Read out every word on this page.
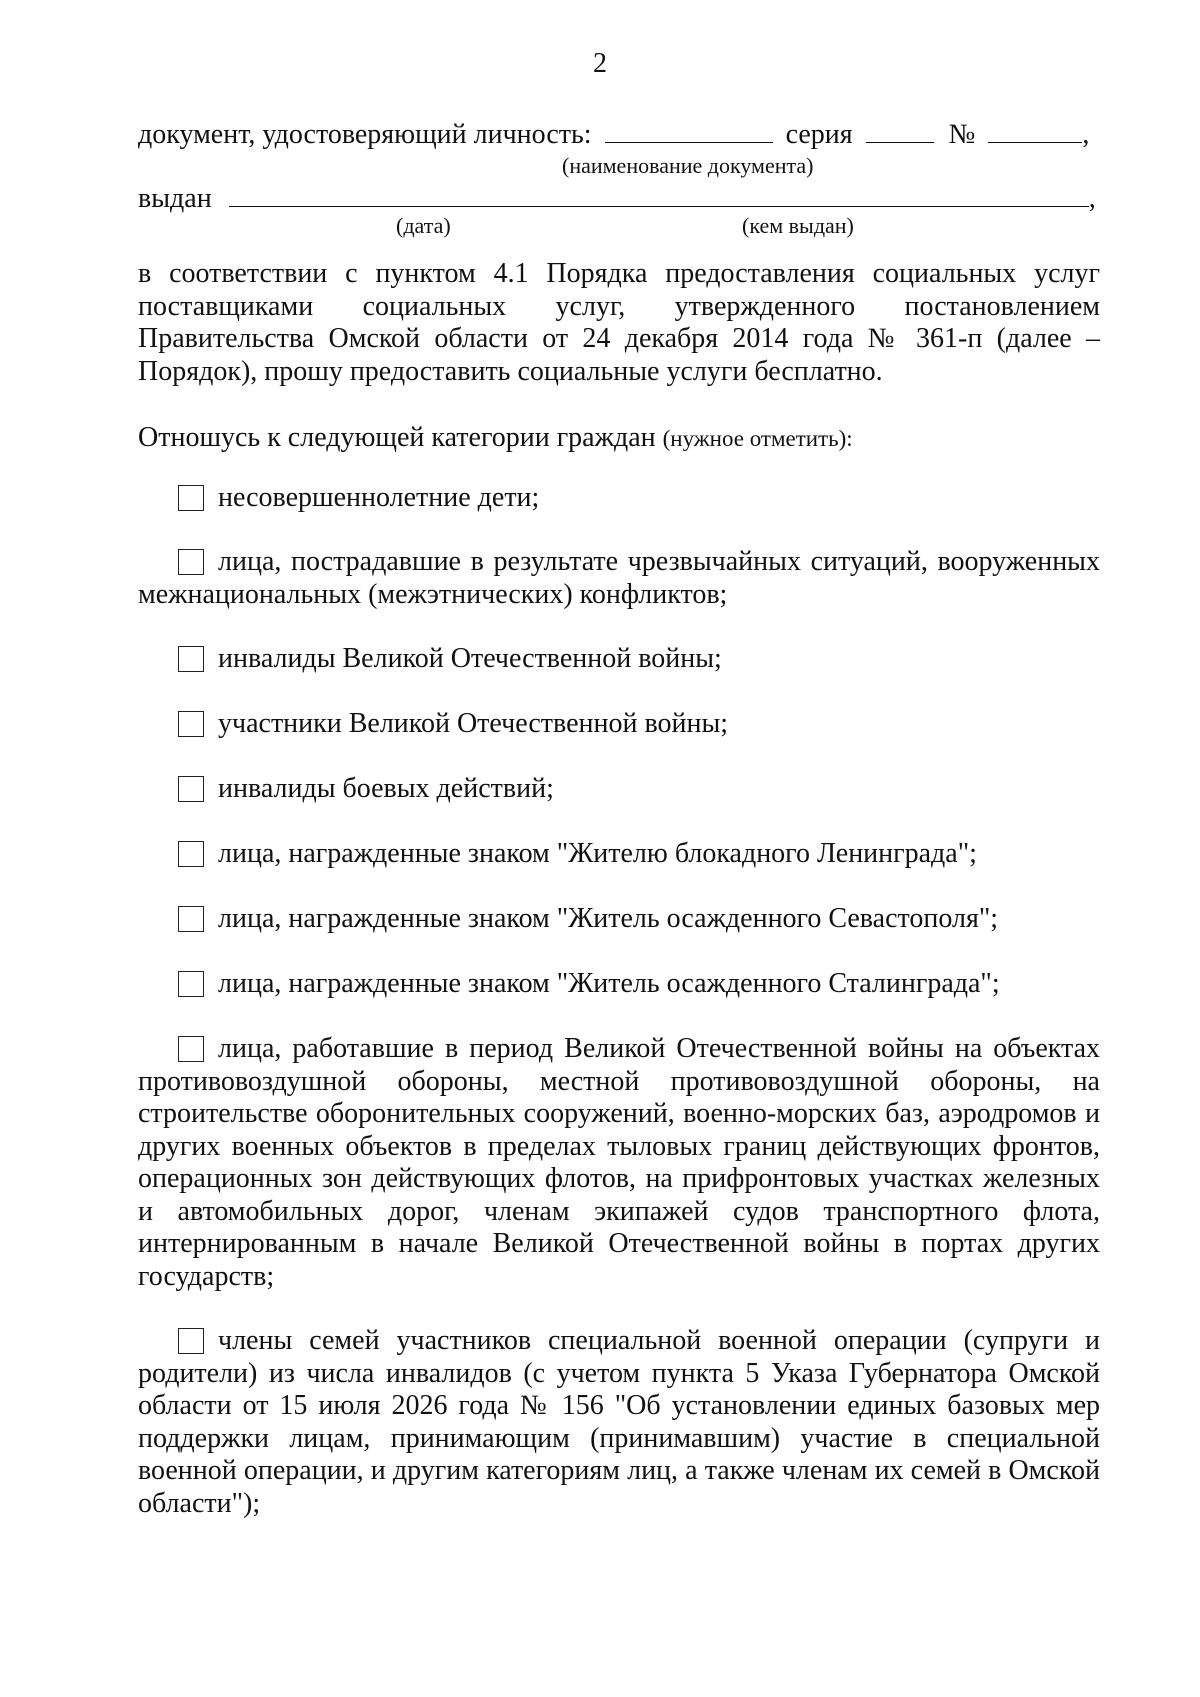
2
документ, удостоверяющий личность:	серия	№	,
(наименование документа)
выдан	,
(дата)	(кем выдан)
в соответствии с пунктом 4.1 Порядка предоставления социальных услуг поставщиками социальных услуг, утвержденного постановлением Правительства Омской области от 24 декабря 2014 года № 361-п (далее – Порядок), прошу предоставить социальные услуги бесплатно.
Отношусь к следующей категории граждан (нужное отметить):
несовершеннолетние дети;
лица, пострадавшие в результате чрезвычайных ситуаций, вооруженных межнациональных (межэтнических) конфликтов;
инвалиды Великой Отечественной войны;
участники Великой Отечественной войны;
инвалиды боевых действий;
лица, награжденные знаком "Жителю блокадного Ленинграда";
лица, награжденные знаком "Житель осажденного Севастополя";
лица, награжденные знаком "Житель осажденного Сталинграда";
лица, работавшие в период Великой Отечественной войны на объектах противовоздушной обороны, местной противовоздушной обороны, на строительстве оборонительных сооружений, военно-морских баз, аэродромов и других военных объектов в пределах тыловых границ действующих фронтов, операционных зон действующих флотов, на прифронтовых участках железных и автомобильных дорог, членам экипажей судов транспортного флота, интернированным в начале Великой Отечественной войны в портах других государств;
члены семей участников специальной военной операции (супруги и родители) из числа инвалидов (с учетом пункта 5 Указа Губернатора Омской области от 15 июля 2026 года № 156 "Об установлении единых базовых мер поддержки лицам, принимающим (принимавшим) участие в специальной военной операции, и другим категориям лиц, а также членам их семей в Омской области");
